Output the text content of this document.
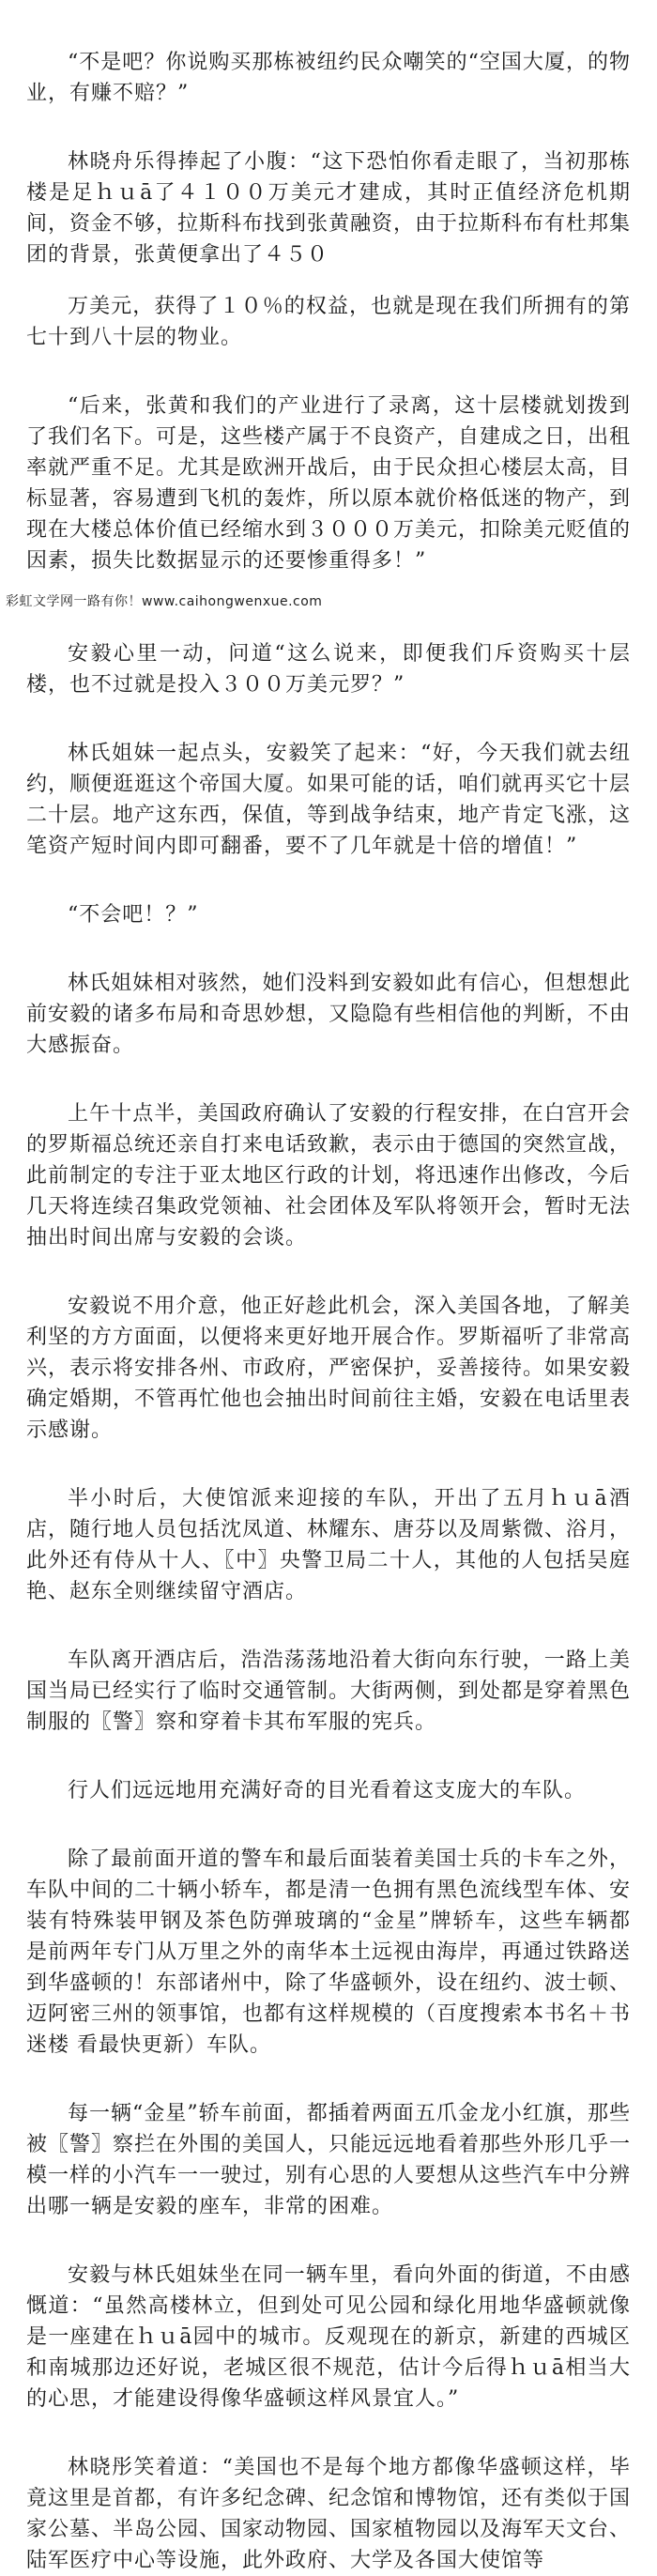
“不是吧？你说购买那栋被纽约民众嘲笑的“空国大厦，的物业，有赚不赔？”

林晓舟乐得捧起了小腹：“这下恐怕你看走眼了，当初那栋楼是足ｈｕā了４１００万美元才建成，其时正值经济危机期间，资金不够，拉斯科布找到张黄融资，由于拉斯科布有杜邦集团的背景，张黄便拿出了４５０

万美元，获得了１０％的权益，也就是现在我们所拥有的第七十到八十层的物业。

“后来，张黄和我们的产业进行了录离，这十层楼就划拨到了我们名下。可是，这些楼产属于不良资产，自建成之日，出租率就严重不足。尤其是欧洲开战后，由于民众担心楼层太高，目标显著，容易遭到飞机的轰炸，所以原本就价格低迷的物产，到现在大楼总体价值已经缩水到３０００万美元，扣除美元贬值的因素，损失比数据显示的还要惨重得多！”

彩虹文学网一路有你！www.caihongwenxue.com

安毅心里一动，问道“这么说来，即便我们斥资购买十层楼，也不过就是投入３００万美元罗？”

林氏姐妹一起点头，安毅笑了起来：“好，今天我们就去纽约，顺便逛逛这个帝国大厦。如果可能的话，咱们就再买它十层二十层。地产这东西，保值，等到战争结束，地产肯定飞涨，这笔资产短时间内即可翻番，要不了几年就是十倍的增值！”

“不会吧！？”

林氏姐妹相对骇然，她们没料到安毅如此有信心，但想想此前安毅的诸多布局和奇思妙想，又隐隐有些相信他的判断，不由大感振奋。

上午十点半，美国政府确认了安毅的行程安排，在白宫开会的罗斯福总统还亲自打来电话致歉，表示由于德国的突然宣战，此前制定的专注于亚太地区行政的计划，将迅速作出修改，今后几天将连续召集政党领袖、社会团体及军队将领开会，暂时无法抽出时间出席与安毅的会谈。

安毅说不用介意，他正好趁此机会，深入美国各地，了解美利坚的方方面面，以便将来更好地开展合作。罗斯福听了非常高兴，表示将安排各州、市政府，严密保护，妥善接待。如果安毅确定婚期，不管再忙他也会抽出时间前往主婚，安毅在电话里表示感谢。

半小时后，大使馆派来迎接的车队，开出了五月ｈｕā酒店，随行地人员包括沈凤道、林耀东、唐芬以及周紫微、浴月，此外还有侍从十人、〖中〗央警卫局二十人，其他的人包括吴庭艳、赵东全则继续留守酒店。

车队离开酒店后，浩浩荡荡地沿着大街向东行驶，一路上美国当局已经实行了临时交通管制。大街两侧，到处都是穿着黑色制服的〖警〗察和穿着卡其布军服的宪兵。

行人们远远地用充满好奇的目光看着这支庞大的车队。

除了最前面开道的警车和最后面装着美国士兵的卡车之外，车队中间的二十辆小轿车，都是清一色拥有黑色流线型车体、安装有特殊装甲钢及茶色防弹玻璃的“金星”牌轿车，这些车辆都是前两年专门从万里之外的南华本土远视由海岸，再通过铁路送到华盛顿的！东部诸州中，除了华盛顿外，设在纽约、波士顿、迈阿密三州的领事馆，也都有这样规模的（百度搜索本书名＋书迷楼 看最快更新）车队。

每一辆“金星”轿车前面，都插着两面五爪金龙小红旗，那些被〖警〗察拦在外围的美国人，只能远远地看着那些外形几乎一模一样的小汽车一一驶过，别有心思的人要想从这些汽车中分辨出哪一辆是安毅的座车，非常的困难。

安毅与林氏姐妹坐在同一辆车里，看向外面的街道，不由感慨道：“虽然高楼林立，但到处可见公园和绿化用地华盛顿就像是一座建在ｈｕā园中的城市。反观现在的新京，新建的西城区和南城那边还好说，老城区很不规范，估计今后得ｈｕā相当大的心思，才能建设得像华盛顿这样风景宜人。”

林晓彤笑着道：“美国也不是每个地方都像华盛顿这样，毕竟这里是首都，有许多纪念碑、纪念馆和博物馆，还有类似于国家公墓、半岛公园、国家动物园、国家植物园以及海军天文台、陆军医疗中心等设施，此外政府、大学及各国大使馆等
